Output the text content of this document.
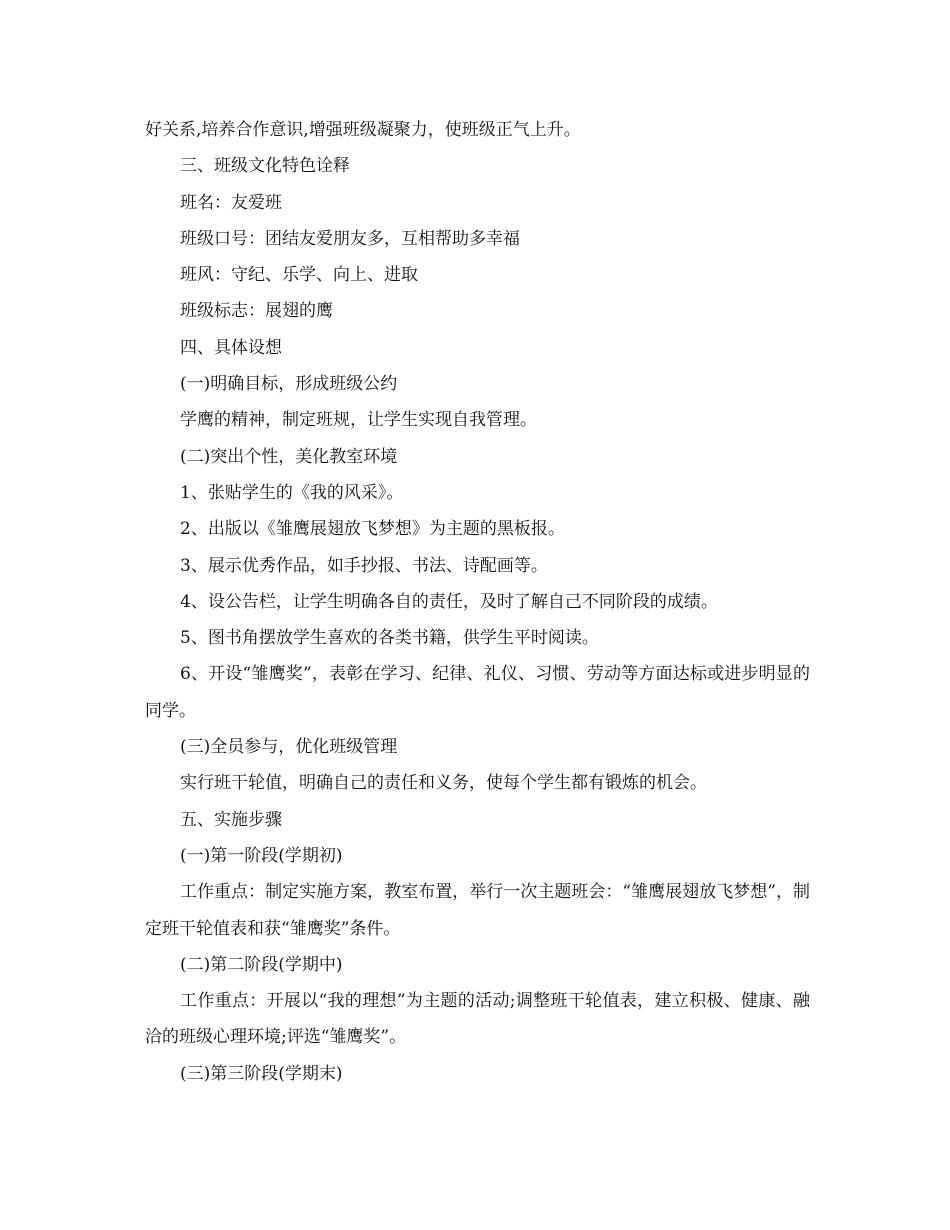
好关系,培养合作意识,增强班级凝聚力，使班级正气上升。

三、班级文化特色诠释

班名：友爱班

班级口号：团结友爱朋友多，互相帮助多幸福

班风：守纪、乐学、向上、进取

班级标志：展翅的鹰

四、具体设想

(一)明确目标，形成班级公约

学鹰的精神，制定班规，让学生实现自我管理。

(二)突出个性，美化教室环境

1、张贴学生的《我的风采》。

2、出版以《雏鹰展翅放飞梦想》为主题的黑板报。

3、展示优秀作品，如手抄报、书法、诗配画等。

4、设公告栏，让学生明确各自的责任，及时了解自己不同阶段的成绩。

5、图书角摆放学生喜欢的各类书籍，供学生平时阅读。

6、开设“雏鹰奖”，表彰在学习、纪律、礼仪、习惯、劳动等方面达标或进步明显的同学。

(三)全员参与，优化班级管理

实行班干轮值，明确自己的责任和义务，使每个学生都有锻炼的机会。

五、实施步骤

(一)第一阶段(学期初)

工作重点：制定实施方案，教室布置，举行一次主题班会：“雏鹰展翅放飞梦想”，制定班干轮值表和获“雏鹰奖”条件。

(二)第二阶段(学期中)

工作重点：开展以“我的理想”为主题的活动;调整班干轮值表，建立积极、健康、融洽的班级心理环境;评选“雏鹰奖”。

(三)第三阶段(学期末)
